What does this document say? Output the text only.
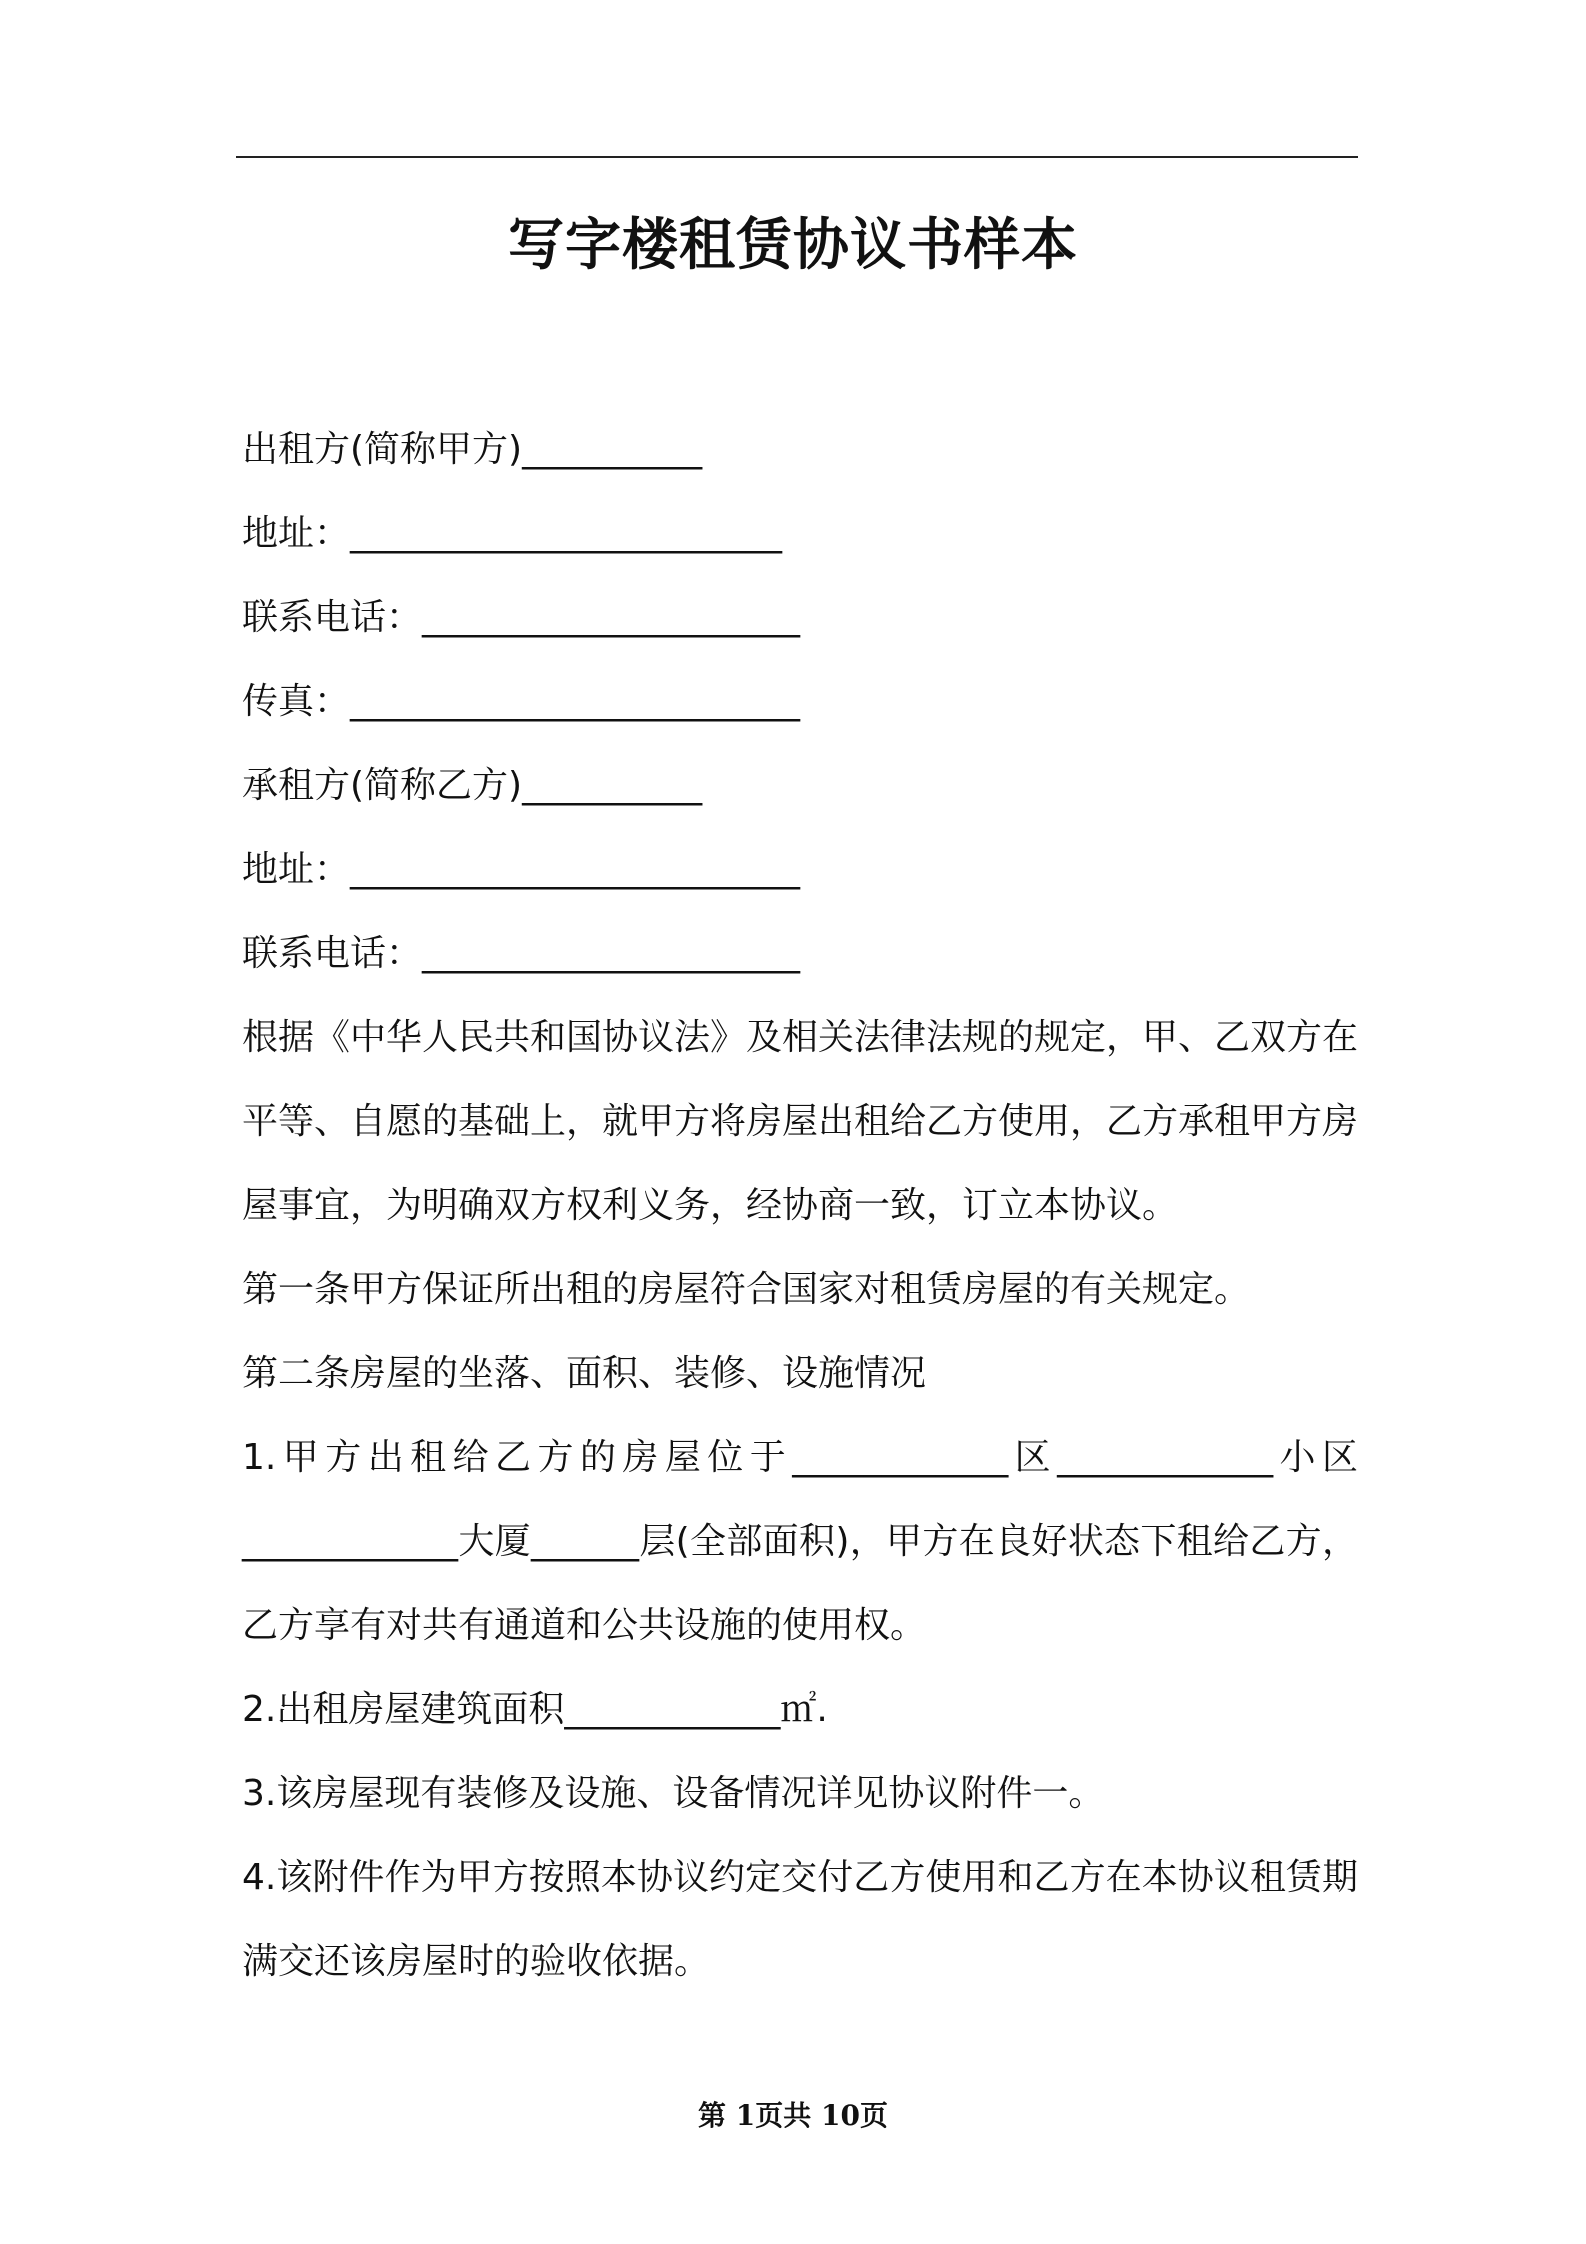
写字楼租赁协议书样本
出租方(简称甲方)__________
地址：________________________
联系电话：_____________________
传真：_________________________
承租方(简称乙方)__________
地址：_________________________
联系电话：_____________________
根据《中华人民共和国协议法》及相关法律法规的规定，甲、乙双方在平等、自愿的基础上，就甲方将房屋出租给乙方使用，乙方承租甲方房屋事宜，为明确双方权利义务，经协商一致，订立本协议。
第一条甲方保证所出租的房屋符合国家对租赁房屋的有关规定。
第二条房屋的坐落、面积、装修、设施情况
1.甲方出租给乙方的房屋位于____________区____________小区____________大厦______层(全部面积)，甲方在良好状态下租给乙方，乙方享有对共有通道和公共设施的使用权。
2.出租房屋建筑面积____________㎡.
3.该房屋现有装修及设施、设备情况详见协议附件一。
4.该附件作为甲方按照本协议约定交付乙方使用和乙方在本协议租赁期满交还该房屋时的验收依据。
第 1页共 10页
